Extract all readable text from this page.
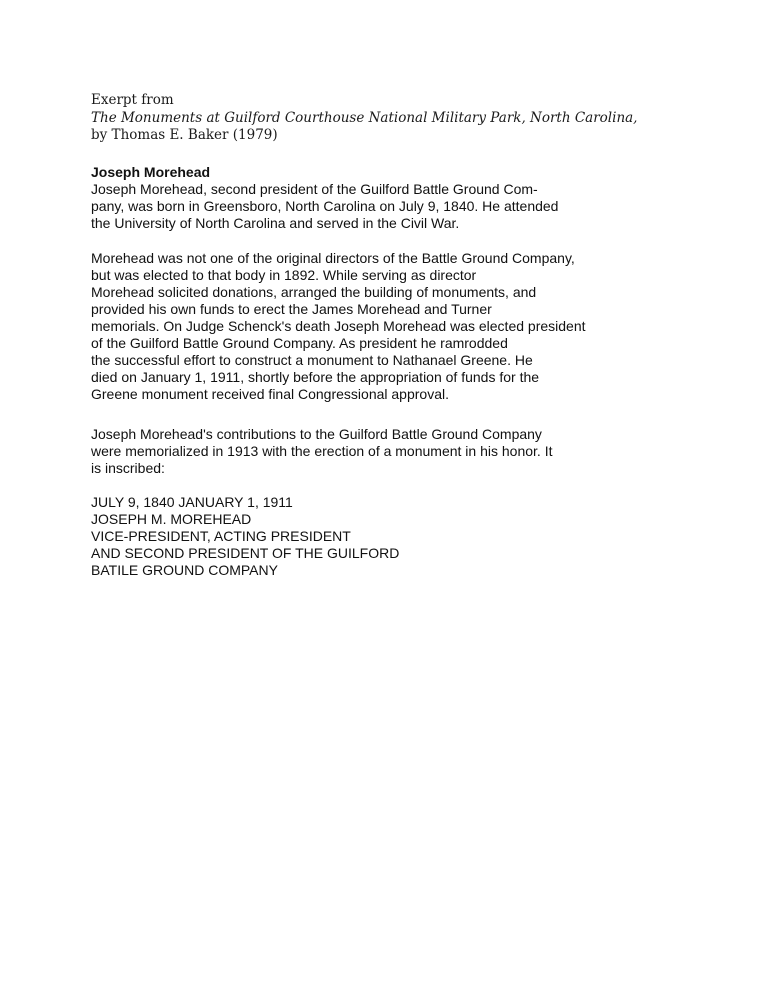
Exerpt from
The Monuments at Guilford Courthouse National Military Park, North Carolina,
by Thomas E. Baker (1979)
Joseph Morehead
Joseph Morehead, second president of the Guilford Battle Ground Com-
pany, was born in Greensboro, North Carolina on July 9, 1840. He attended
the University of North Carolina and served in the Civil War.
Morehead was not one of the original directors of the Battle Ground Company,
but was elected to that body in 1892. While serving as director
Morehead solicited donations, arranged the building of monuments, and
provided his own funds to erect the James Morehead and Turner
memorials. On Judge Schenck's death Joseph Morehead was elected president
of the Guilford Battle Ground Company. As president he ramrodded
the successful effort to construct a monument to Nathanael Greene. He
died on January 1, 1911, shortly before the appropriation of funds for the
Greene monument received final Congressional approval.
Joseph Morehead's contributions to the Guilford Battle Ground Company
were memorialized in 1913 with the erection of a monument in his honor. It
is inscribed:
JULY 9, 1840 JANUARY 1, 1911
JOSEPH M. MOREHEAD
VICE-PRESIDENT, ACTING PRESIDENT
AND SECOND PRESIDENT OF THE GUILFORD
BATILE GROUND COMPANY
